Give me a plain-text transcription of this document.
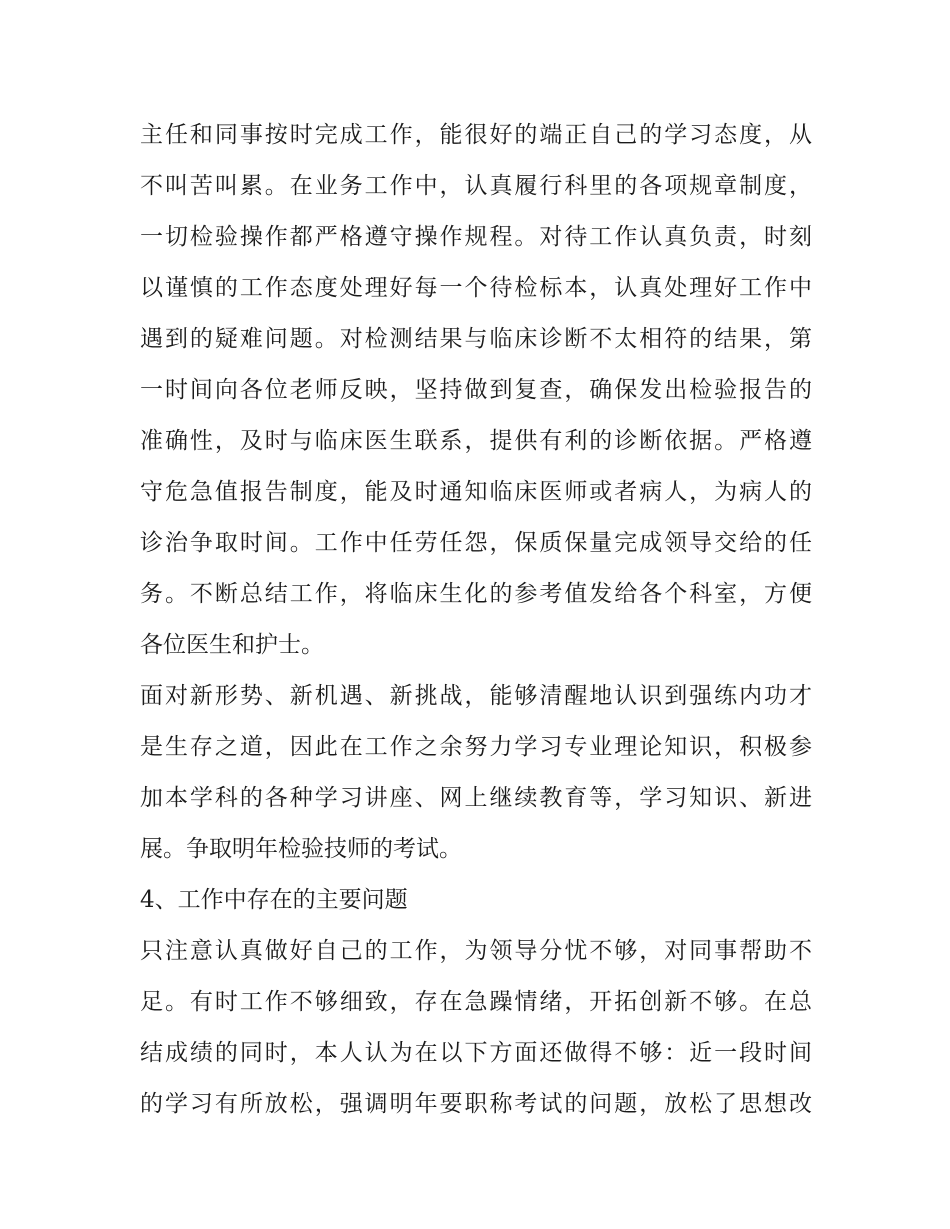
主任和同事按时完成工作，能很好的端正自己的学习态度，从
不叫苦叫累。在业务工作中，认真履行科里的各项规章制度，
一切检验操作都严格遵守操作规程。对待工作认真负责，时刻
以谨慎的工作态度处理好每一个待检标本，认真处理好工作中
遇到的疑难问题。对检测结果与临床诊断不太相符的结果，第
一时间向各位老师反映，坚持做到复查，确保发出检验报告的
准确性，及时与临床医生联系，提供有利的诊断依据。严格遵
守危急值报告制度，能及时通知临床医师或者病人，为病人的
诊治争取时间。工作中任劳任怨，保质保量完成领导交给的任
务。不断总结工作，将临床生化的参考值发给各个科室，方便
各位医生和护士。
面对新形势、新机遇、新挑战，能够清醒地认识到强练内功才
是生存之道，因此在工作之余努力学习专业理论知识，积极参
加本学科的各种学习讲座、网上继续教育等，学习知识、新进
展。争取明年检验技师的考试。
4、工作中存在的主要问题
只注意认真做好自己的工作，为领导分忧不够，对同事帮助不
足。有时工作不够细致，存在急躁情绪，开拓创新不够。在总
结成绩的同时，本人认为在以下方面还做得不够：近一段时间
的学习有所放松，强调明年要职称考试的问题，放松了思想改
